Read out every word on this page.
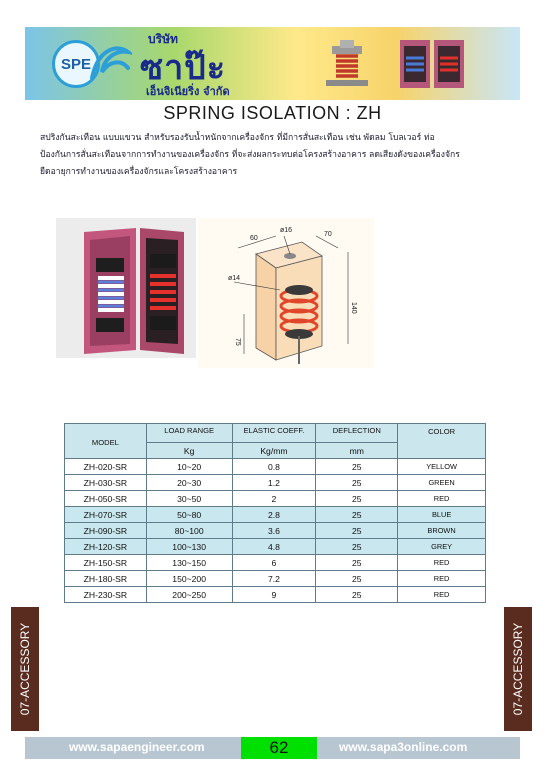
SPE
บริษัท
ซาป๊ะ
เอ็นจิเนียริ่ง จำกัด
SPRING ISOLATION : ZH

สปริงกันสะเทือน แบบแขวน สำหรับรองรับน้ำหนักจากเครื่องจักร ที่มีการสั่นสะเทือน เช่น พัดลม โบลเวอร์ ท่อ

ป้องกันการสั่นสะเทือนจากการทำงานของเครื่องจักร ที่จะส่งผลกระทบต่อโครงสร้างอาคาร ลดเสียงดังของเครื่องจักร

ยืดอายุการทำงานของเครื่องจักรและโครงสร้างอาคาร

60
ø16
70
ø14
140
75
MODEL	LOAD RANGE	ELASTIC COEFF.	DEFLECTION	COLOR
	Kg	Kg/mm	mm	
ZH-020-SR	10~20	0.8	25	YELLOW
ZH-030-SR	20~30	1.2	25	GREEN
ZH-050-SR	30~50	2	25	RED
ZH-070-SR	50~80	2.8	25	BLUE
ZH-090-SR	80~100	3.6	25	BROWN
ZH-120-SR	100~130	4.8	25	GREY
ZH-150-SR	130~150	6	25	RED
ZH-180-SR	150~200	7.2	25	RED
ZH-230-SR	200~250	9	25	RED
07-ACCESSORY	07-ACCESSORY
www.sapaengineer.com	62	www.sapa3online.com
